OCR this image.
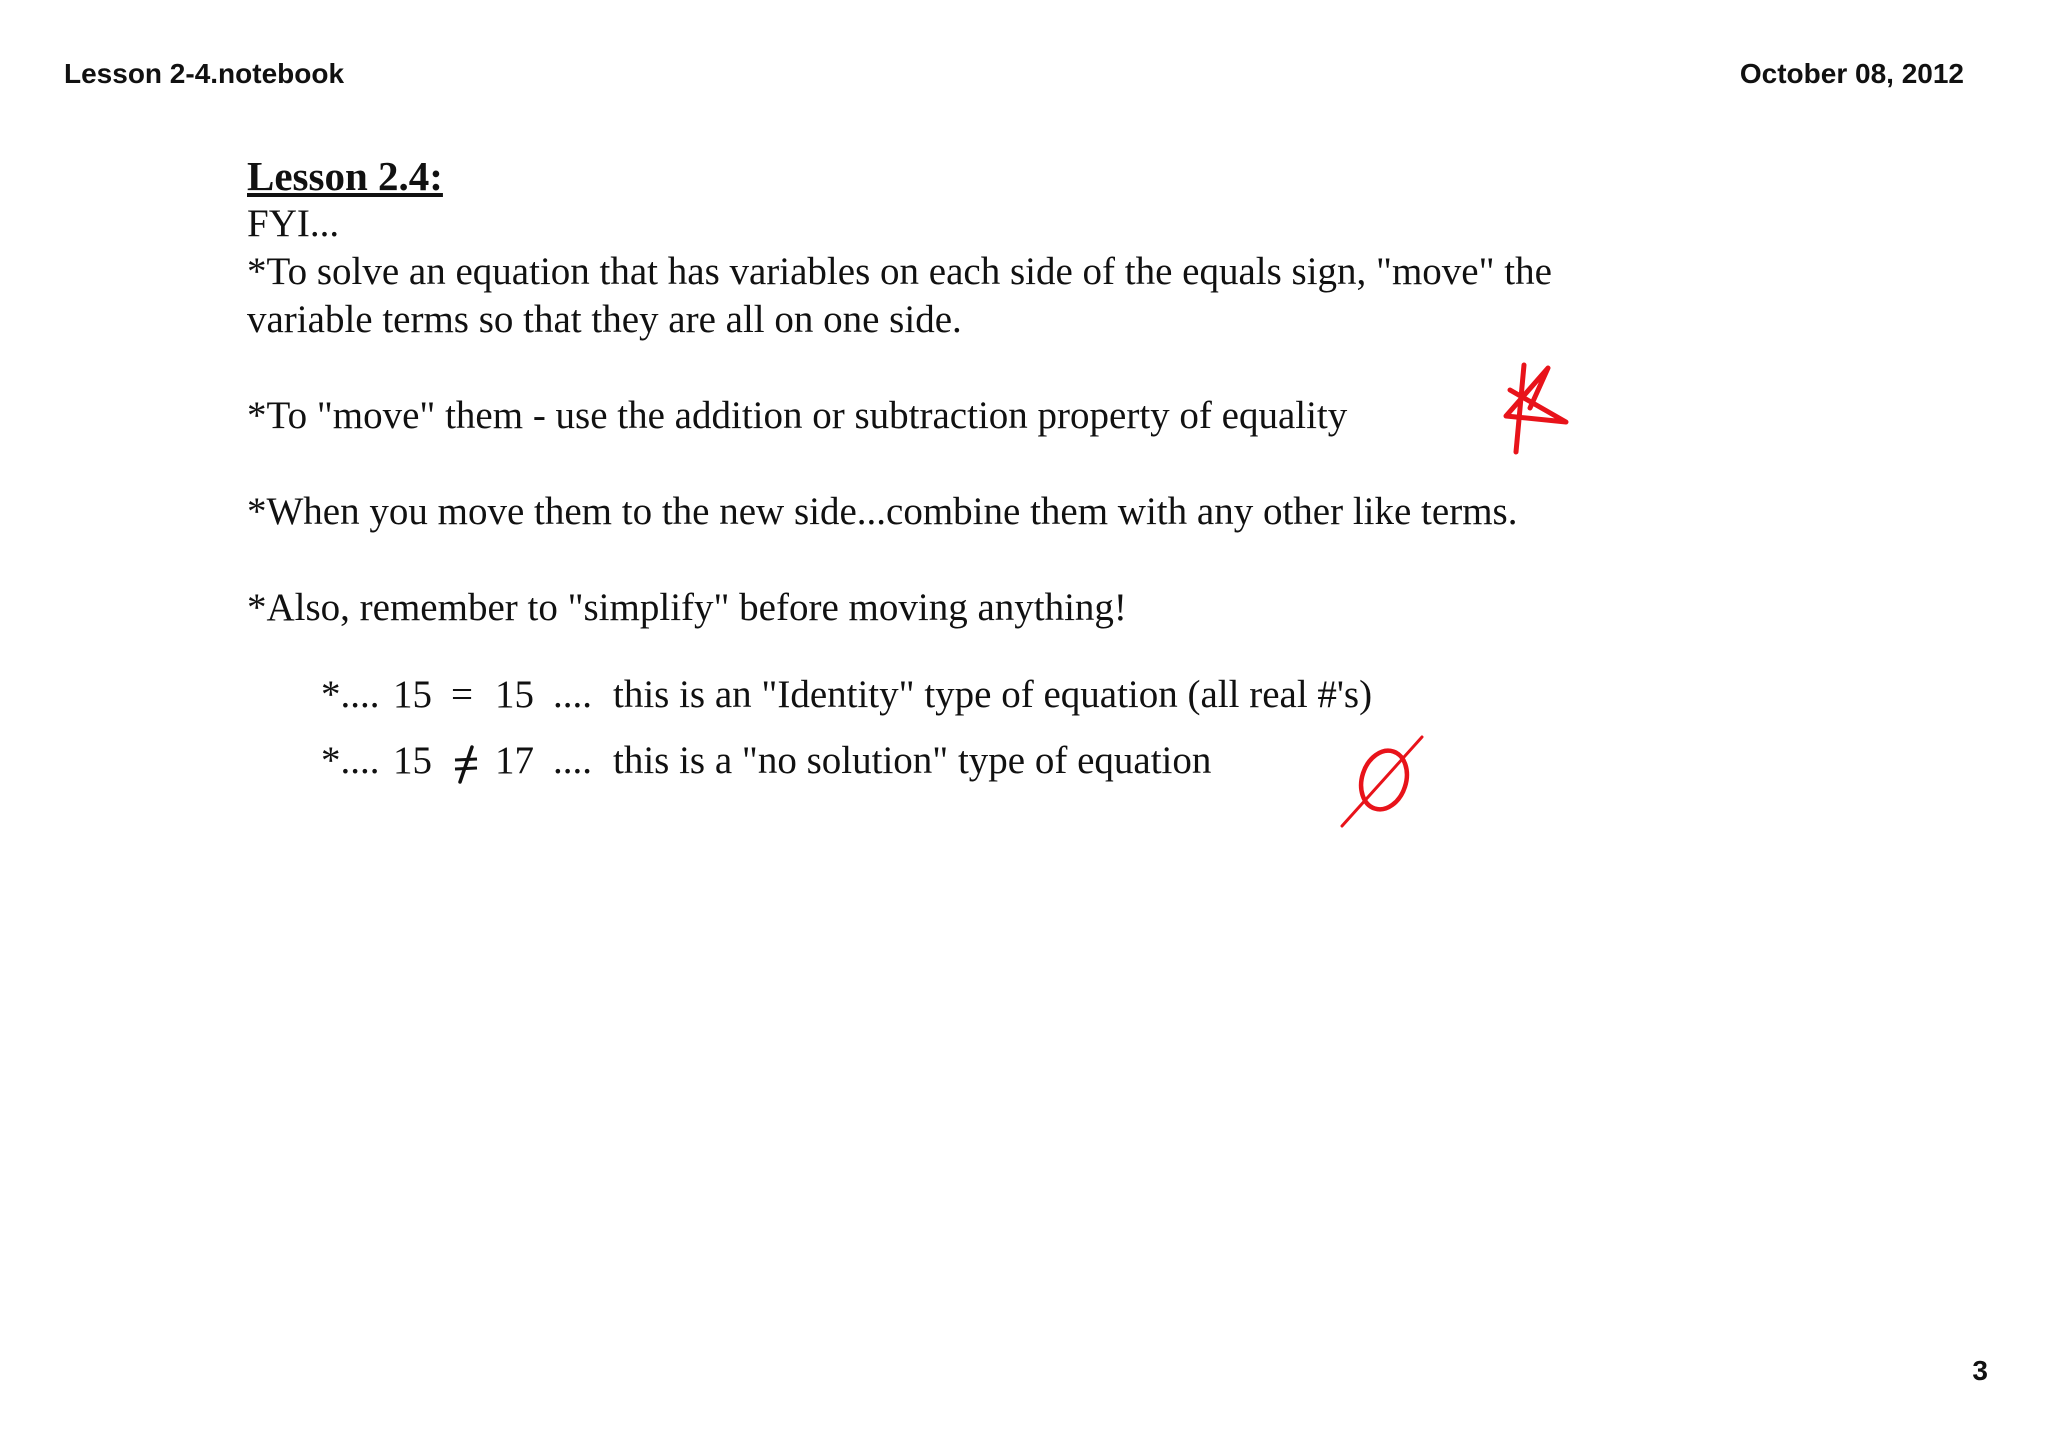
Lesson 2-4.notebook	October 08, 2012
Lesson 2.4:
FYI...
*To solve an equation that has variables on each side of the equals sign, "move" the
variable terms so that they are all on one side.
*To "move" them - use the addition or subtraction property of equality
*When you move them to the new side...combine them with any other like terms.
*Also, remember to "simplify" before moving anything!
*.... 15 = 15 .... this is an "Identity" type of equation (all real #'s)
*.... 15 17 .... this is a "no solution" type of equation
3
